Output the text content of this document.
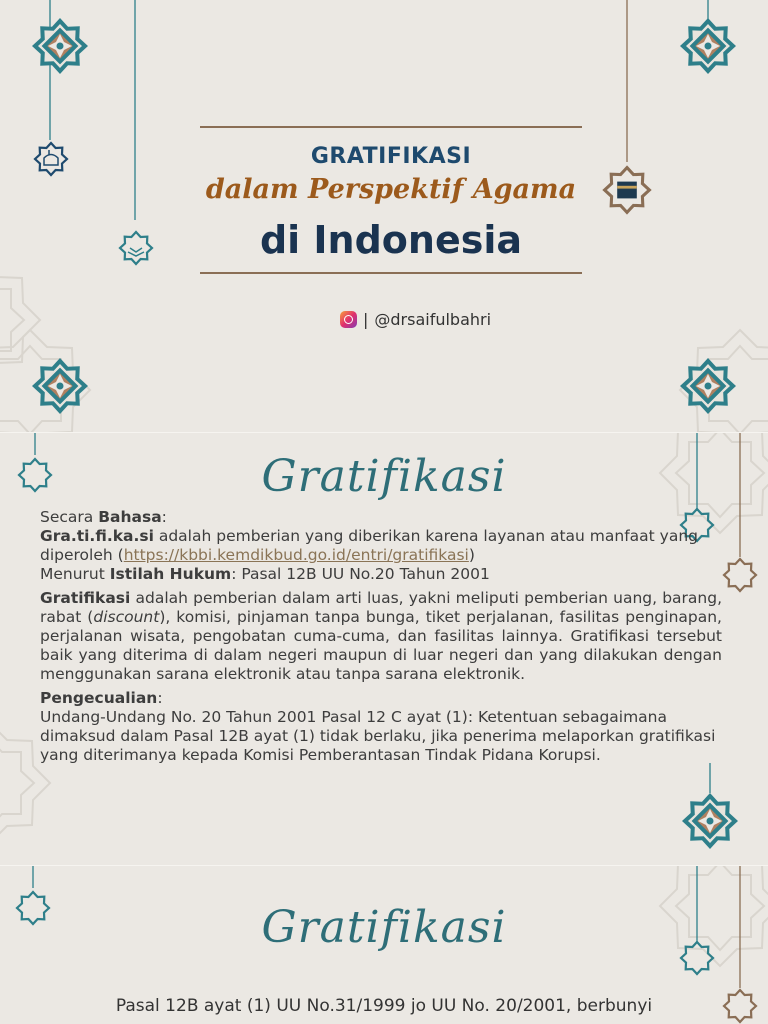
GRATIFIKASI
dalam Perspektif Agama
di Indonesia
| @drsaifulbahri
Gratifikasi

Secara Bahasa:

Gra.ti.fi.ka.si adalah pemberian yang diberikan karena layanan atau manfaat yang diperoleh (https://kbbi.kemdikbud.go.id/entri/gratifikasi)

Menurut Istilah Hukum: Pasal 12B UU No.20 Tahun 2001

Gratifikasi adalah pemberian dalam arti luas, yakni meliputi pemberian uang, barang, rabat (discount), komisi, pinjaman tanpa bunga, tiket perjalanan, fasilitas penginapan, perjalanan wisata, pengobatan cuma-cuma, dan fasilitas lainnya. Gratifikasi tersebut baik yang diterima di dalam negeri maupun di luar negeri dan yang dilakukan dengan menggunakan sarana elektronik atau tanpa sarana elektronik.

Pengecualian:

Undang-Undang No. 20 Tahun 2001 Pasal 12 C ayat (1): Ketentuan sebagaimana dimaksud dalam Pasal 12B ayat (1) tidak berlaku, jika penerima melaporkan gratifikasi yang diterimanya kepada Komisi Pemberantasan Tindak Pidana Korupsi.

Gratifikasi
Pasal 12B ayat (1) UU No.31/1999 jo UU No. 20/2001, berbunyi
